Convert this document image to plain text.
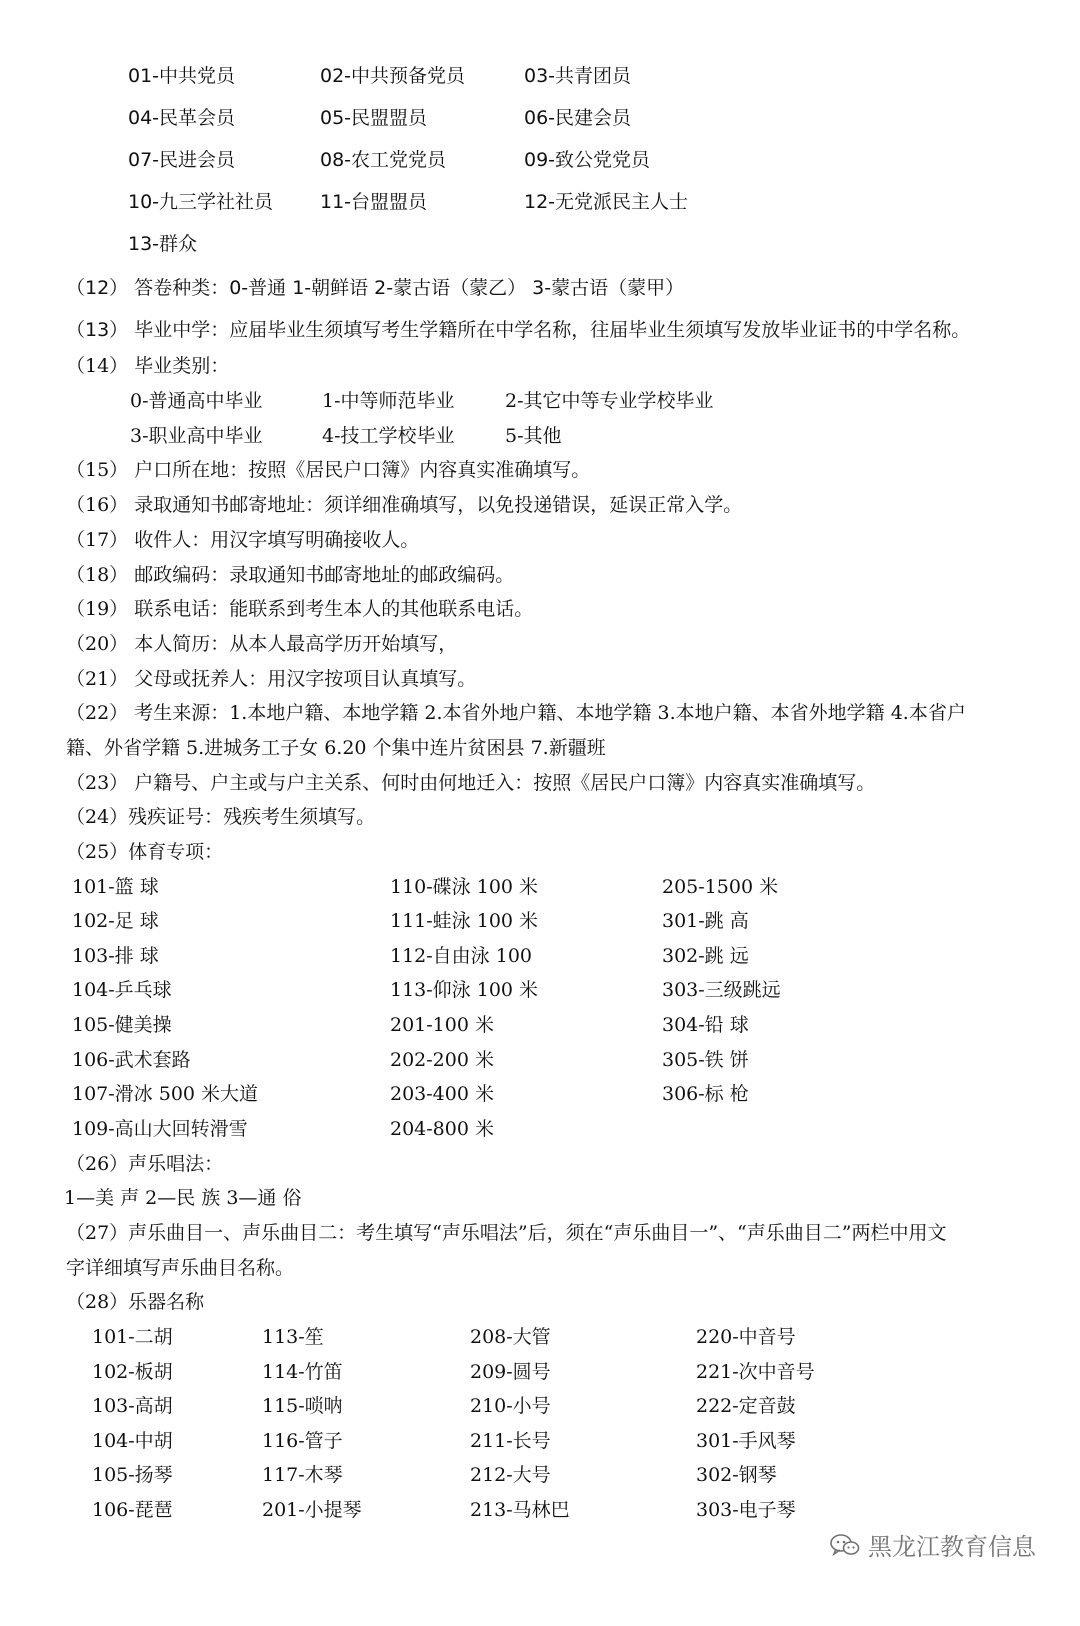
01-中共党员	02-中共预备党员	03-共青团员
04-民革会员	05-民盟盟员	06-民建会员
07-民进会员	08-农工党党员	09-致公党党员
10-九三学社社员 11-台盟盟员	12-无党派民主人士
13-群众
（12） 答卷种类：0-普通 1-朝鲜语 2-蒙古语（蒙乙） 3-蒙古语（蒙甲）
（13） 毕业中学：应届毕业生须填写考生学籍所在中学名称，往届毕业生须填写发放毕业证书的中学名称。
（14） 毕业类别：
0-普通高中毕业	1-中等师范毕业	2-其它中等专业学校毕业
3-职业高中毕业	4-技工学校毕业	5-其他
（15） 户口所在地：按照《居民户口簿》内容真实准确填写。
（16） 录取通知书邮寄地址：须详细准确填写，以免投递错误，延误正常入学。
（17） 收件人：用汉字填写明确接收人。
（18） 邮政编码：录取通知书邮寄地址的邮政编码。
（19） 联系电话：能联系到考生本人的其他联系电话。
（20） 本人简历：从本人最高学历开始填写，
（21） 父母或抚养人：用汉字按项目认真填写。
（22） 考生来源：1.本地户籍、本地学籍 2.本省外地户籍、本地学籍 3.本地户籍、本省外地学籍 4.本省户
籍、外省学籍 5.进城务工子女 6.20 个集中连片贫困县 7.新疆班
（23） 户籍号、户主或与户主关系、何时由何地迁入：按照《居民户口簿》内容真实准确填写。
（24）残疾证号：残疾考生须填写。
（25）体育专项：
101-篮 球	110-碟泳 100 米	205-1500 米
102-足 球	111-蛙泳 100 米	301-跳 高
103-排 球	112-自由泳 100	302-跳 远
104-乒乓球	113-仰泳 100 米	303-三级跳远
105-健美操	201-100 米	304-铅 球
106-武术套路	202-200 米	305-铁 饼
107-滑冰 500 米大道	203-400 米	306-标 枪
109-高山大回转滑雪	204-800 米
（26）声乐唱法：
1—美 声 2—民 族 3—通 俗
（27）声乐曲目一、声乐曲目二：考生填写“声乐唱法”后，须在“声乐曲目一”、“声乐曲目二”两栏中用文
字详细填写声乐曲目名称。
（28）乐器名称
101-二胡	113-笙	208-大管	220-中音号
102-板胡	114-竹笛	209-圆号	221-次中音号
103-高胡	115-唢呐	210-小号	222-定音鼓
104-中胡	116-管子	211-长号	301-手风琴
105-扬琴	117-木琴	212-大号	302-钢琴
106-琵琶	201-小提琴	213-马林巴	303-电子琴
黑龙江教育信息
